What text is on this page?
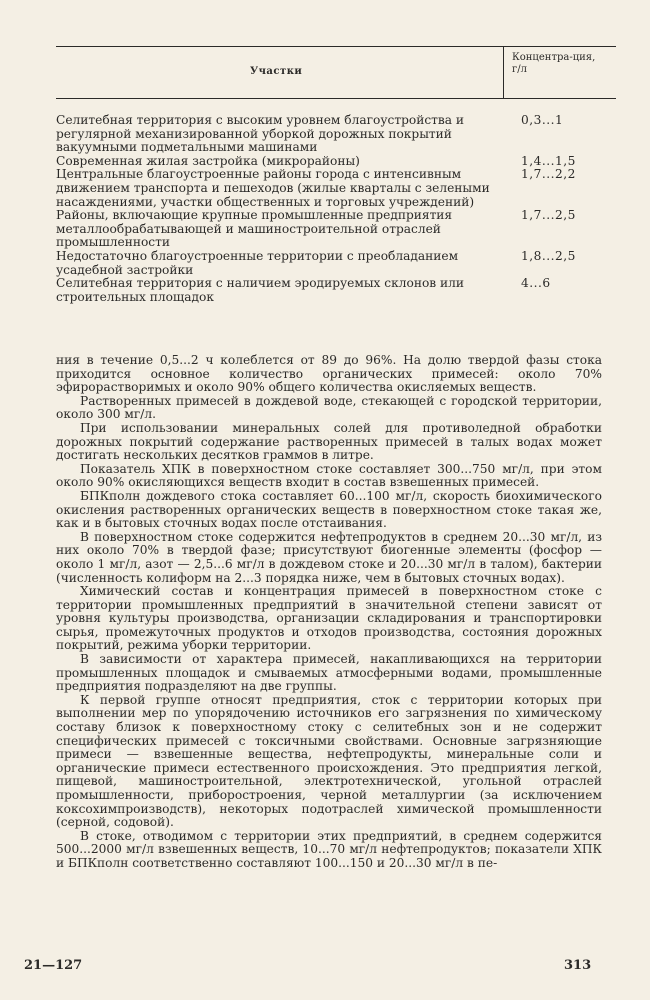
Участки
Концентра-ция, г/л
Селитебная территория с высоким уровнем благоустройства и регулярной механизированной уборкой дорожных покрытий вакуумными подметальными машинами	0,3...1
Современная жилая застройка (микрорайоны)	1,4...1,5
Центральные благоустроенные районы города с интенсивным движением транспорта и пешеходов (жилые кварталы с зелеными насаждениями, участки общественных и торговых учреждений)	1,7...2,2
Районы, включающие крупные промышленные предприятия металлообрабатывающей и машиностроительной отраслей промышленности	1,7...2,5
Недостаточно благоустроенные территории с преобладанием усадебной застройки	1,8...2,5
Селитебная территория с наличием эродируемых склонов или строительных площадок	4...6

ния в течение 0,5...2 ч колеблется от 89 до 96%. На долю твердой фазы стока приходится основное количество органических примесей: около 70% эфирорастворимых и около 90% общего количества окисляемых веществ.

Растворенных примесей в дождевой воде, стекающей с городской территории, около 300 мг/л.

При использовании минеральных солей для противоледной обработки дорожных покрытий содержание растворенных примесей в талых водах может достигать нескольких десятков граммов в литре.

Показатель ХПК в поверхностном стоке составляет 300...750 мг/л, при этом около 90% окисляющихся веществ входит в состав взвешенных примесей.

БПКполн дождевого стока составляет 60...100 мг/л, скорость биохимического окисления растворенных органических веществ в поверхностном стоке такая же, как и в бытовых сточных водах после отстаивания.

В поверхностном стоке содержится нефтепродуктов в среднем 20...30 мг/л, из них около 70% в твердой фазе; присутствуют биогенные элементы (фосфор — около 1 мг/л, азот — 2,5...6 мг/л в дождевом стоке и 20...30 мг/л в талом), бактерии (численность колиформ на 2...3 порядка ниже, чем в бытовых сточных водах).

Химический состав и концентрация примесей в поверхностном стоке с территории промышленных предприятий в значительной степени зависят от уровня культуры производства, организации складирования и транспортировки сырья, промежуточных продуктов и отходов производства, состояния дорожных покрытий, режима уборки территории.

В зависимости от характера примесей, накапливающихся на территории промышленных площадок и смываемых атмосферными водами, промышленные предприятия подразделяют на две группы.

К первой группе относят предприятия, сток с территории которых при выполнении мер по упорядочению источников его загрязнения по химическому составу близок к поверхностному стоку с селитебных зон и не содержит специфических примесей с токсичными свойствами. Основные загрязняющие примеси — взвешенные вещества, нефтепродукты, минеральные соли и органические примеси естественного происхождения. Это предприятия легкой, пищевой, машиностроительной, электротехнической, угольной отраслей промышленности, приборостроения, черной металлургии (за исключением коксохимпроизводств), некоторых подотраслей химической промышленности (серной, содовой).

В стоке, отводимом с территории этих предприятий, в среднем содержится 500...2000 мг/л взвешенных веществ, 10...70 мг/л нефтепродуктов; показатели ХПК и БПКполн соответственно составляют 100...150 и 20...30 мг/л в пе-

21—127	313
